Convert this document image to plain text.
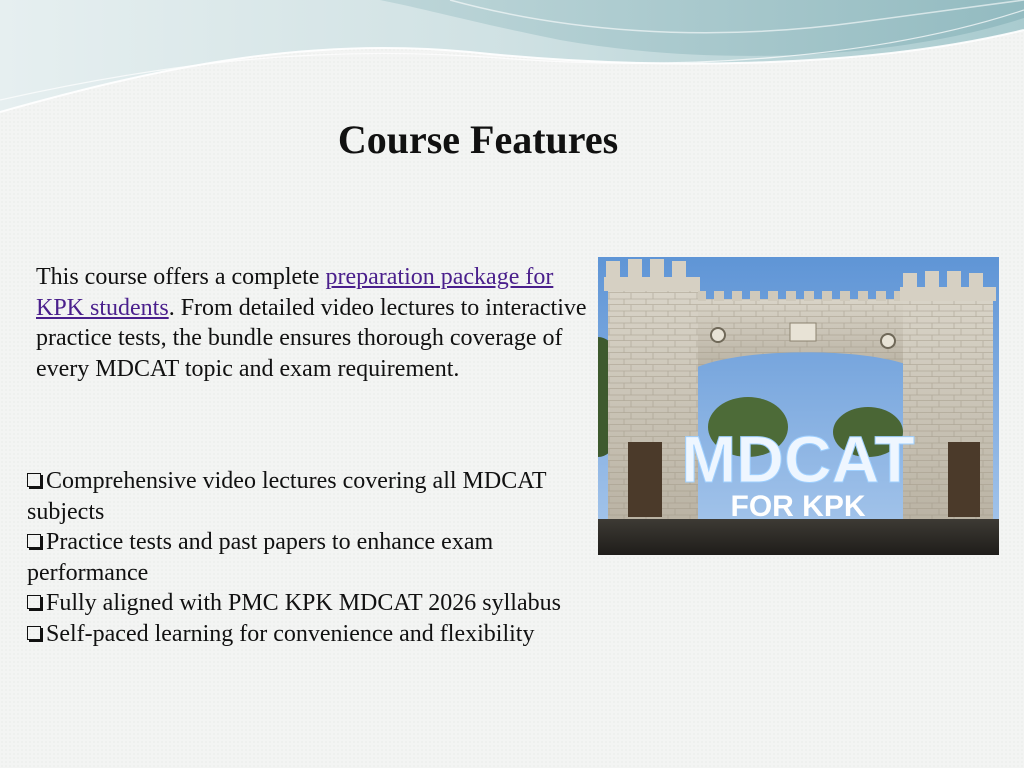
Course Features

This course offers a complete preparation package for KPK students. From detailed video lectures to interactive practice tests, the bundle ensures thorough coverage of every MDCAT topic and exam requirement.

Comprehensive video lectures covering all MDCAT subjects
Practice tests and past papers to enhance exam performance
Fully aligned with PMC KPK MDCAT 2026 syllabus
Self-paced learning for convenience and flexibility
MDCAT
FOR KPK
